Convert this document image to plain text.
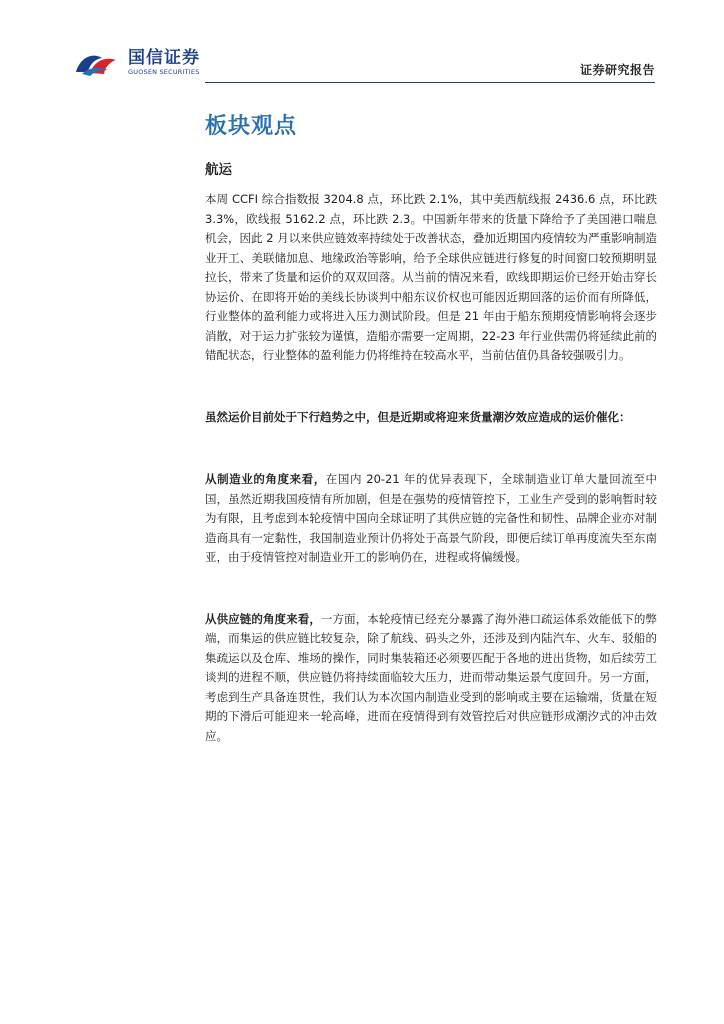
国信证券
GUOSEN SECURITIES	证券研究报告
板块观点
航运

本周 CCFI 综合指数报 3204.8 点，环比跌 2.1%，其中美西航线报 2436.6 点，环比跌 3.3%，欧线报 5162.2 点，环比跌 2.3。中国新年带来的货量下降给予了美国港口喘息机会，因此 2 月以来供应链效率持续处于改善状态，叠加近期国内疫情较为严重影响制造业开工、美联储加息、地缘政治等影响，给予全球供应链进行修复的时间窗口较预期明显拉长，带来了货量和运价的双双回落。从当前的情况来看，欧线即期运价已经开始击穿长协运价、在即将开始的美线长协谈判中船东议价权也可能因近期回落的运价而有所降低，行业整体的盈利能力或将进入压力测试阶段。但是 21 年由于船东预期疫情影响将会逐步消散，对于运力扩张较为谨慎，造船亦需要一定周期，22-23 年行业供需仍将延续此前的错配状态，行业整体的盈利能力仍将维持在较高水平，当前估值仍具备较强吸引力。

虽然运价目前处于下行趋势之中，但是近期或将迎来货量潮汐效应造成的运价催化：

从制造业的角度来看，在国内 20-21 年的优异表现下，全球制造业订单大量回流至中国，虽然近期我国疫情有所加剧，但是在强势的疫情管控下，工业生产受到的影响暂时较为有限，且考虑到本轮疫情中国向全球证明了其供应链的完备性和韧性、品牌企业亦对制造商具有一定黏性，我国制造业预计仍将处于高景气阶段，即便后续订单再度流失至东南亚，由于疫情管控对制造业开工的影响仍在，进程或将偏缓慢。

从供应链的角度来看，一方面，本轮疫情已经充分暴露了海外港口疏运体系效能低下的弊端，而集运的供应链比较复杂，除了航线、码头之外，还涉及到内陆汽车、火车、驳船的集疏运以及仓库、堆场的操作，同时集装箱还必须要匹配于各地的进出货物，如后续劳工谈判的进程不顺，供应链仍将持续面临较大压力，进而带动集运景气度回升。另一方面，考虑到生产具备连贯性，我们认为本次国内制造业受到的影响或主要在运输端，货量在短期的下滑后可能迎来一轮高峰，进而在疫情得到有效管控后对供应链形成潮汐式的冲击效应。
